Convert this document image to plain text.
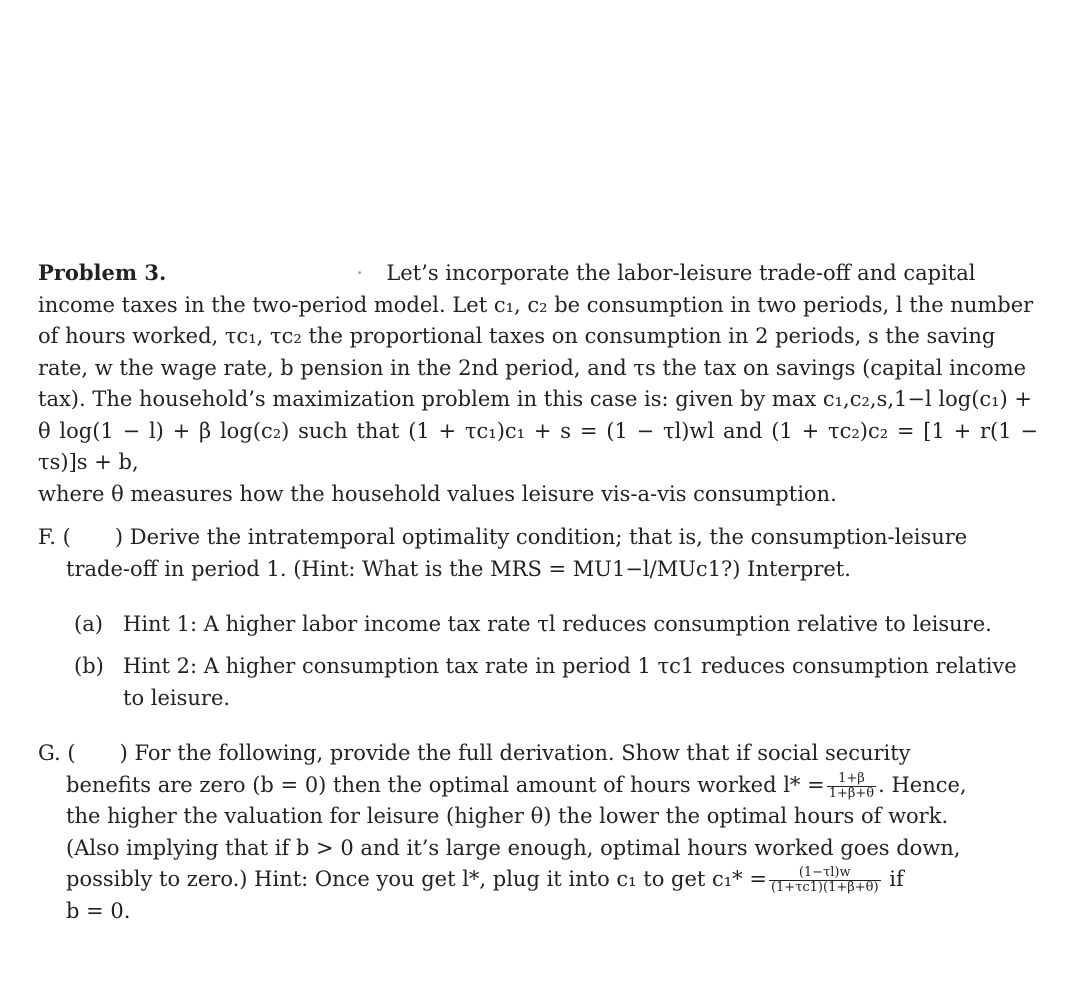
Problem 3.	· Let’s incorporate the labor-leisure trade-off and capital
income taxes in the two-period model. Let c₁, c₂ be consumption in two periods, l the number
of hours worked, τc₁, τc₂ the proportional taxes on consumption in 2 periods, s the saving
rate, w the wage rate, b pension in the 2nd period, and τs the tax on savings (capital income
tax). The household’s maximization problem in this case is: given by max c₁,c₂,s,1−l log(c₁) +
θ log(1 − l) + β log(c₂) such that (1 + τc₁)c₁ + s = (1 − τl)wl and (1 + τc₂)c₂ = [1 + r(1 − τs)]s + b,
where θ measures how the household values leisure vis-a-vis consumption.
F. ( ) Derive the intratemporal optimality condition; that is, the consumption-leisure

trade-off in period 1. (Hint: What is the MRS = MU1−l/MUc1?) Interpret.
(a) Hint 1: A higher labor income tax rate τl reduces consumption relative to leisure.
(b) Hint 2: A higher consumption tax rate in period 1 τc1 reduces consumption relative to leisure.
G. ( ) For the following, provide the full derivation. Show that if social security

benefits are zero (b = 0) then the optimal amount of hours worked $l* = \frac{1+\beta}{1+\beta+\theta}$ . Hence,
the higher the valuation for leisure (higher θ) the lower the optimal hours of work.
(Also implying that if b > 0 and it’s large enough, optimal hours worked goes down,
possibly to zero.) Hint: Once you get l*, plug it into c₁ to get $c_1* = \frac{(1-\tau l)w}{(1+\tau c1)(1+\beta+\theta)}$ if
b = 0.
